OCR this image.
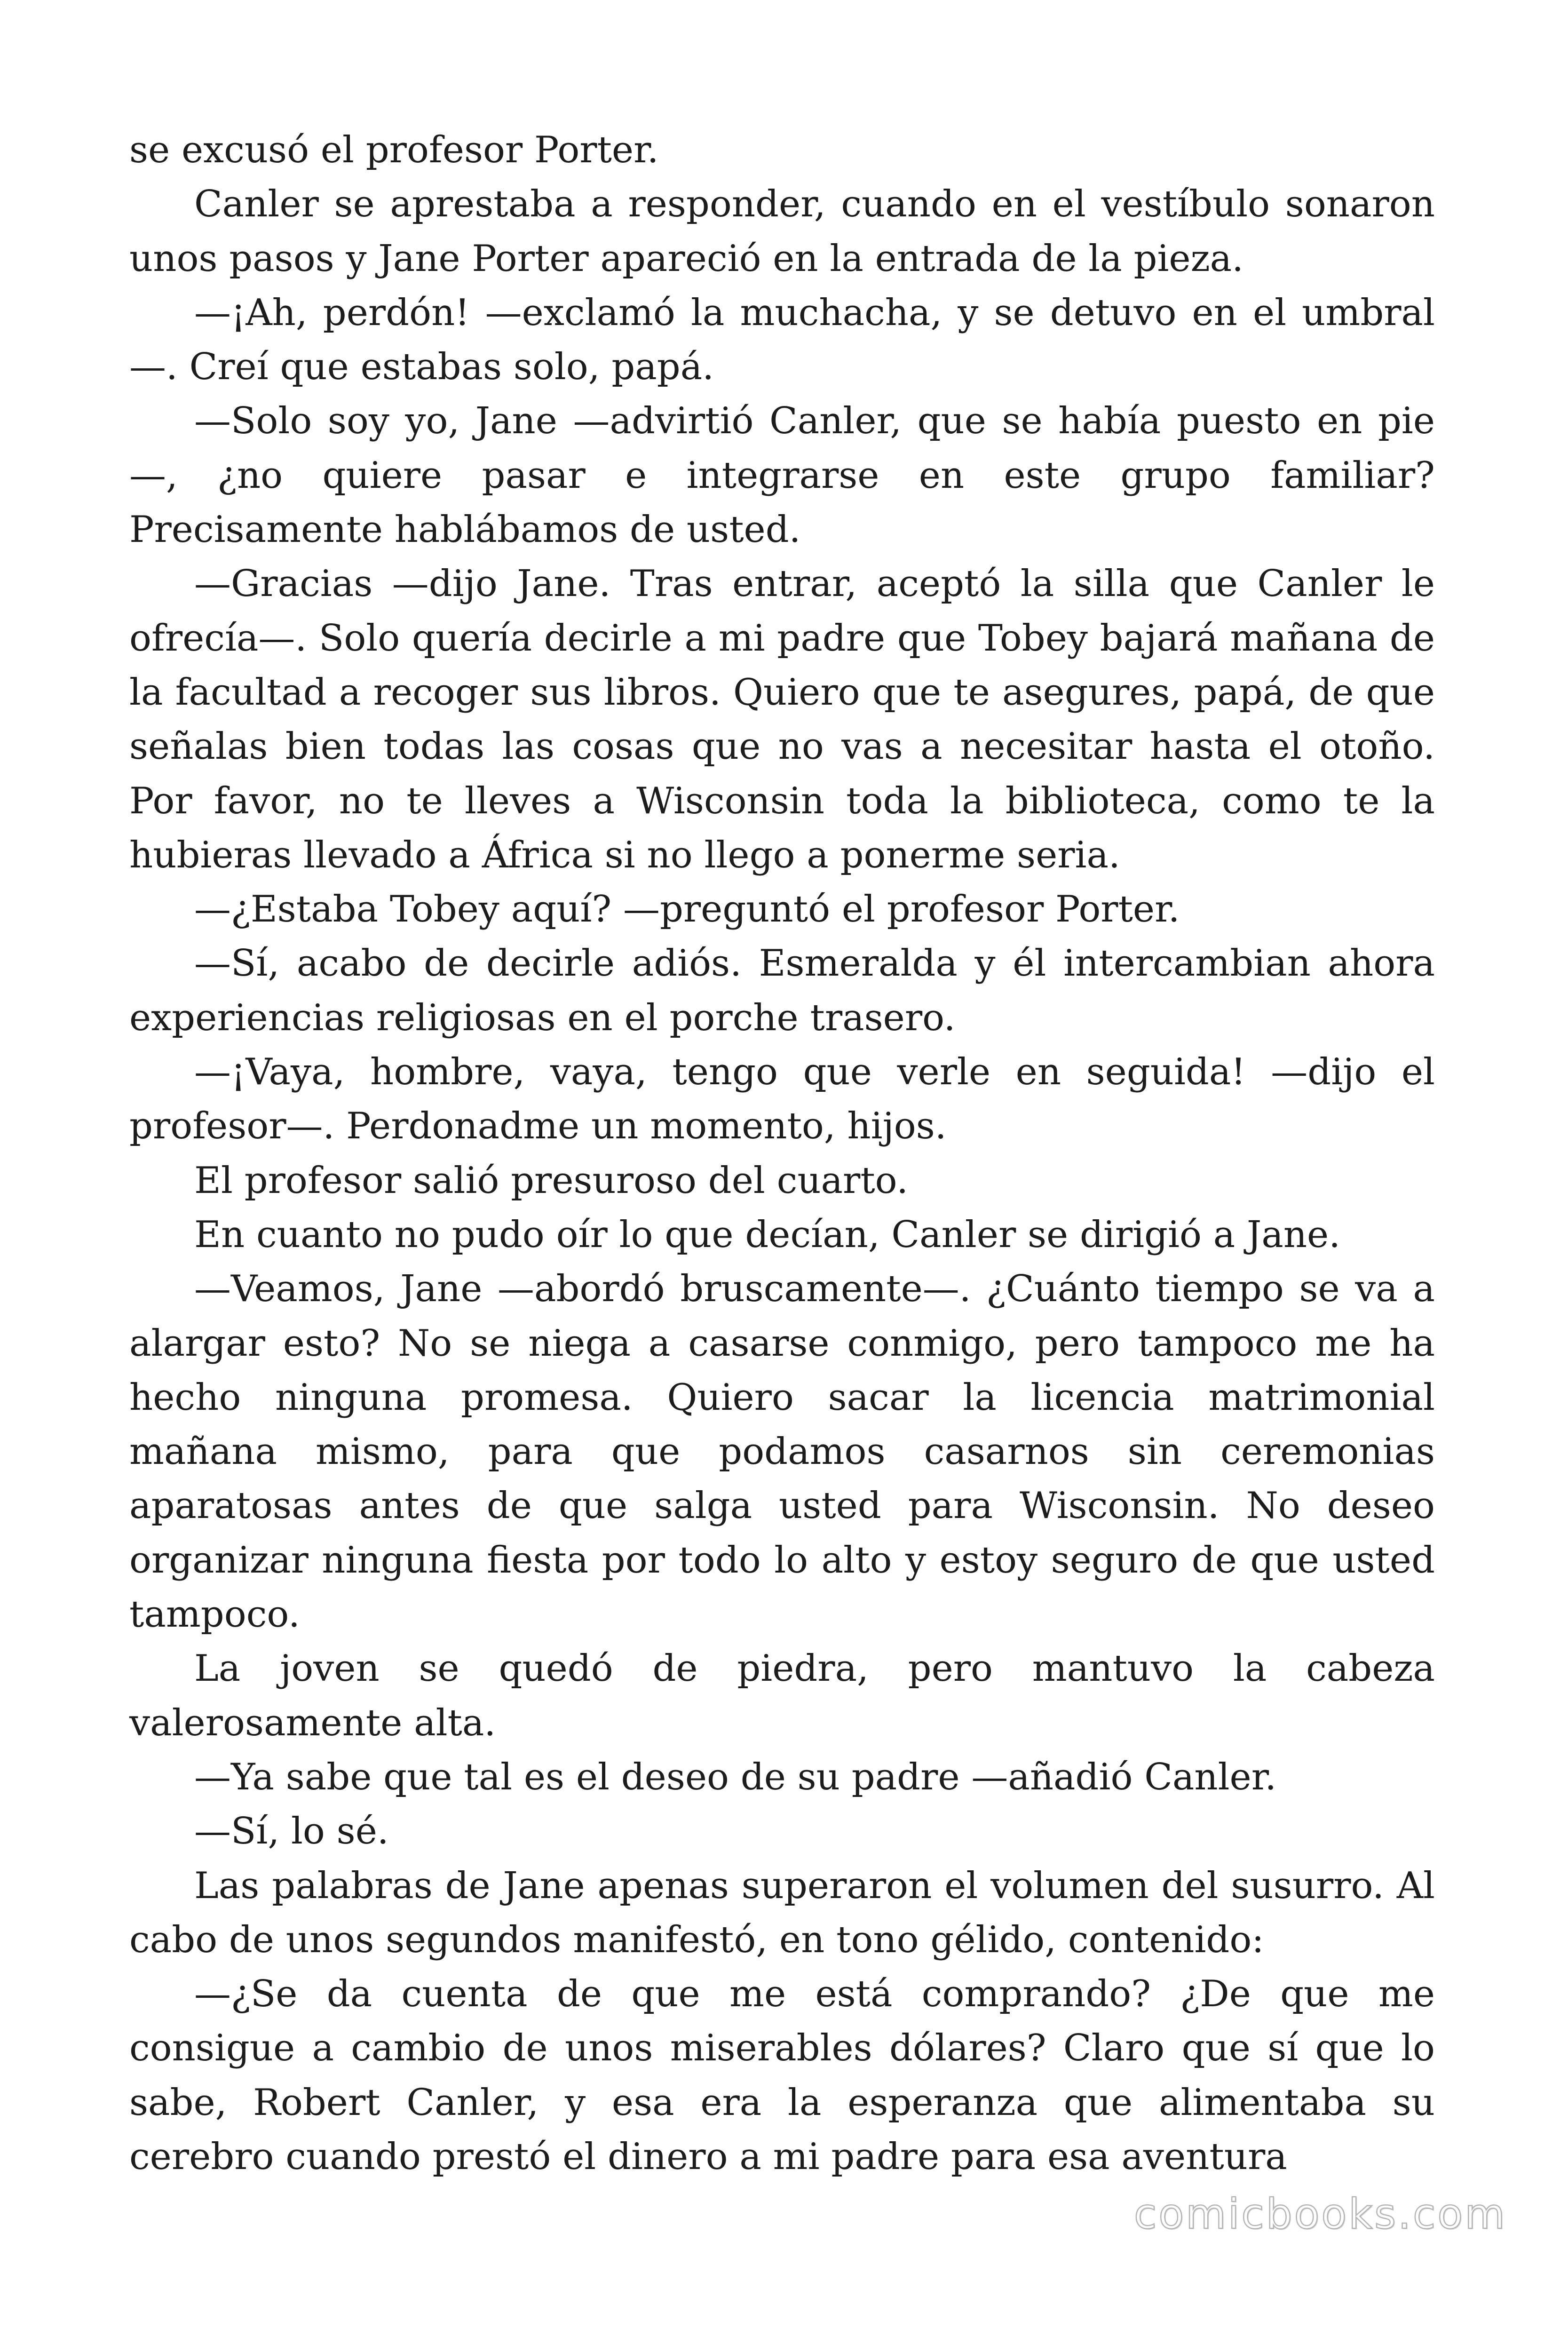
se excusó el profesor Porter.

Canler se aprestaba a responder, cuando en el vestíbulo sonaron unos pasos y Jane Porter apareció en la entrada de la pieza.

—¡Ah, perdón! —exclamó la muchacha, y se detuvo en el umbral—. Creí que estabas solo, papá.

—Solo soy yo, Jane —advirtió Canler, que se había puesto en pie—, ¿no quiere pasar e integrarse en este grupo familiar? Precisamente hablábamos de usted.

—Gracias —dijo Jane. Tras entrar, aceptó la silla que Canler le ofrecía—. Solo quería decirle a mi padre que Tobey bajará mañana de la facultad a recoger sus libros. Quiero que te asegures, papá, de que señalas bien todas las cosas que no vas a necesitar hasta el otoño. Por favor, no te lleves a Wisconsin toda la biblioteca, como te la hubieras llevado a África si no llego a ponerme seria.

—¿Estaba Tobey aquí? —preguntó el profesor Porter.

—Sí, acabo de decirle adiós. Esmeralda y él intercambian ahora experiencias religiosas en el porche trasero.

—¡Vaya, hombre, vaya, tengo que verle en seguida! —dijo el profesor—. Perdonadme un momento, hijos.

El profesor salió presuroso del cuarto.

En cuanto no pudo oír lo que decían, Canler se dirigió a Jane.

—Veamos, Jane —abordó bruscamente—. ¿Cuánto tiempo se va a alargar esto? No se niega a casarse conmigo, pero tampoco me ha hecho ninguna promesa. Quiero sacar la licencia matrimonial mañana mismo, para que podamos casarnos sin ceremonias aparatosas antes de que salga usted para Wisconsin. No deseo organizar ninguna fiesta por todo lo alto y estoy seguro de que usted tampoco.

La joven se quedó de piedra, pero mantuvo la cabeza valerosamente alta.

—Ya sabe que tal es el deseo de su padre —añadió Canler.

—Sí, lo sé.

Las palabras de Jane apenas superaron el volumen del susurro. Al cabo de unos segundos manifestó, en tono gélido, contenido:

—¿Se da cuenta de que me está comprando? ¿De que me consigue a cambio de unos miserables dólares? Claro que sí que lo sabe, Robert Canler, y esa era la esperanza que alimentaba su cerebro cuando prestó el dinero a mi padre para esa aventura

comicbooks.com
